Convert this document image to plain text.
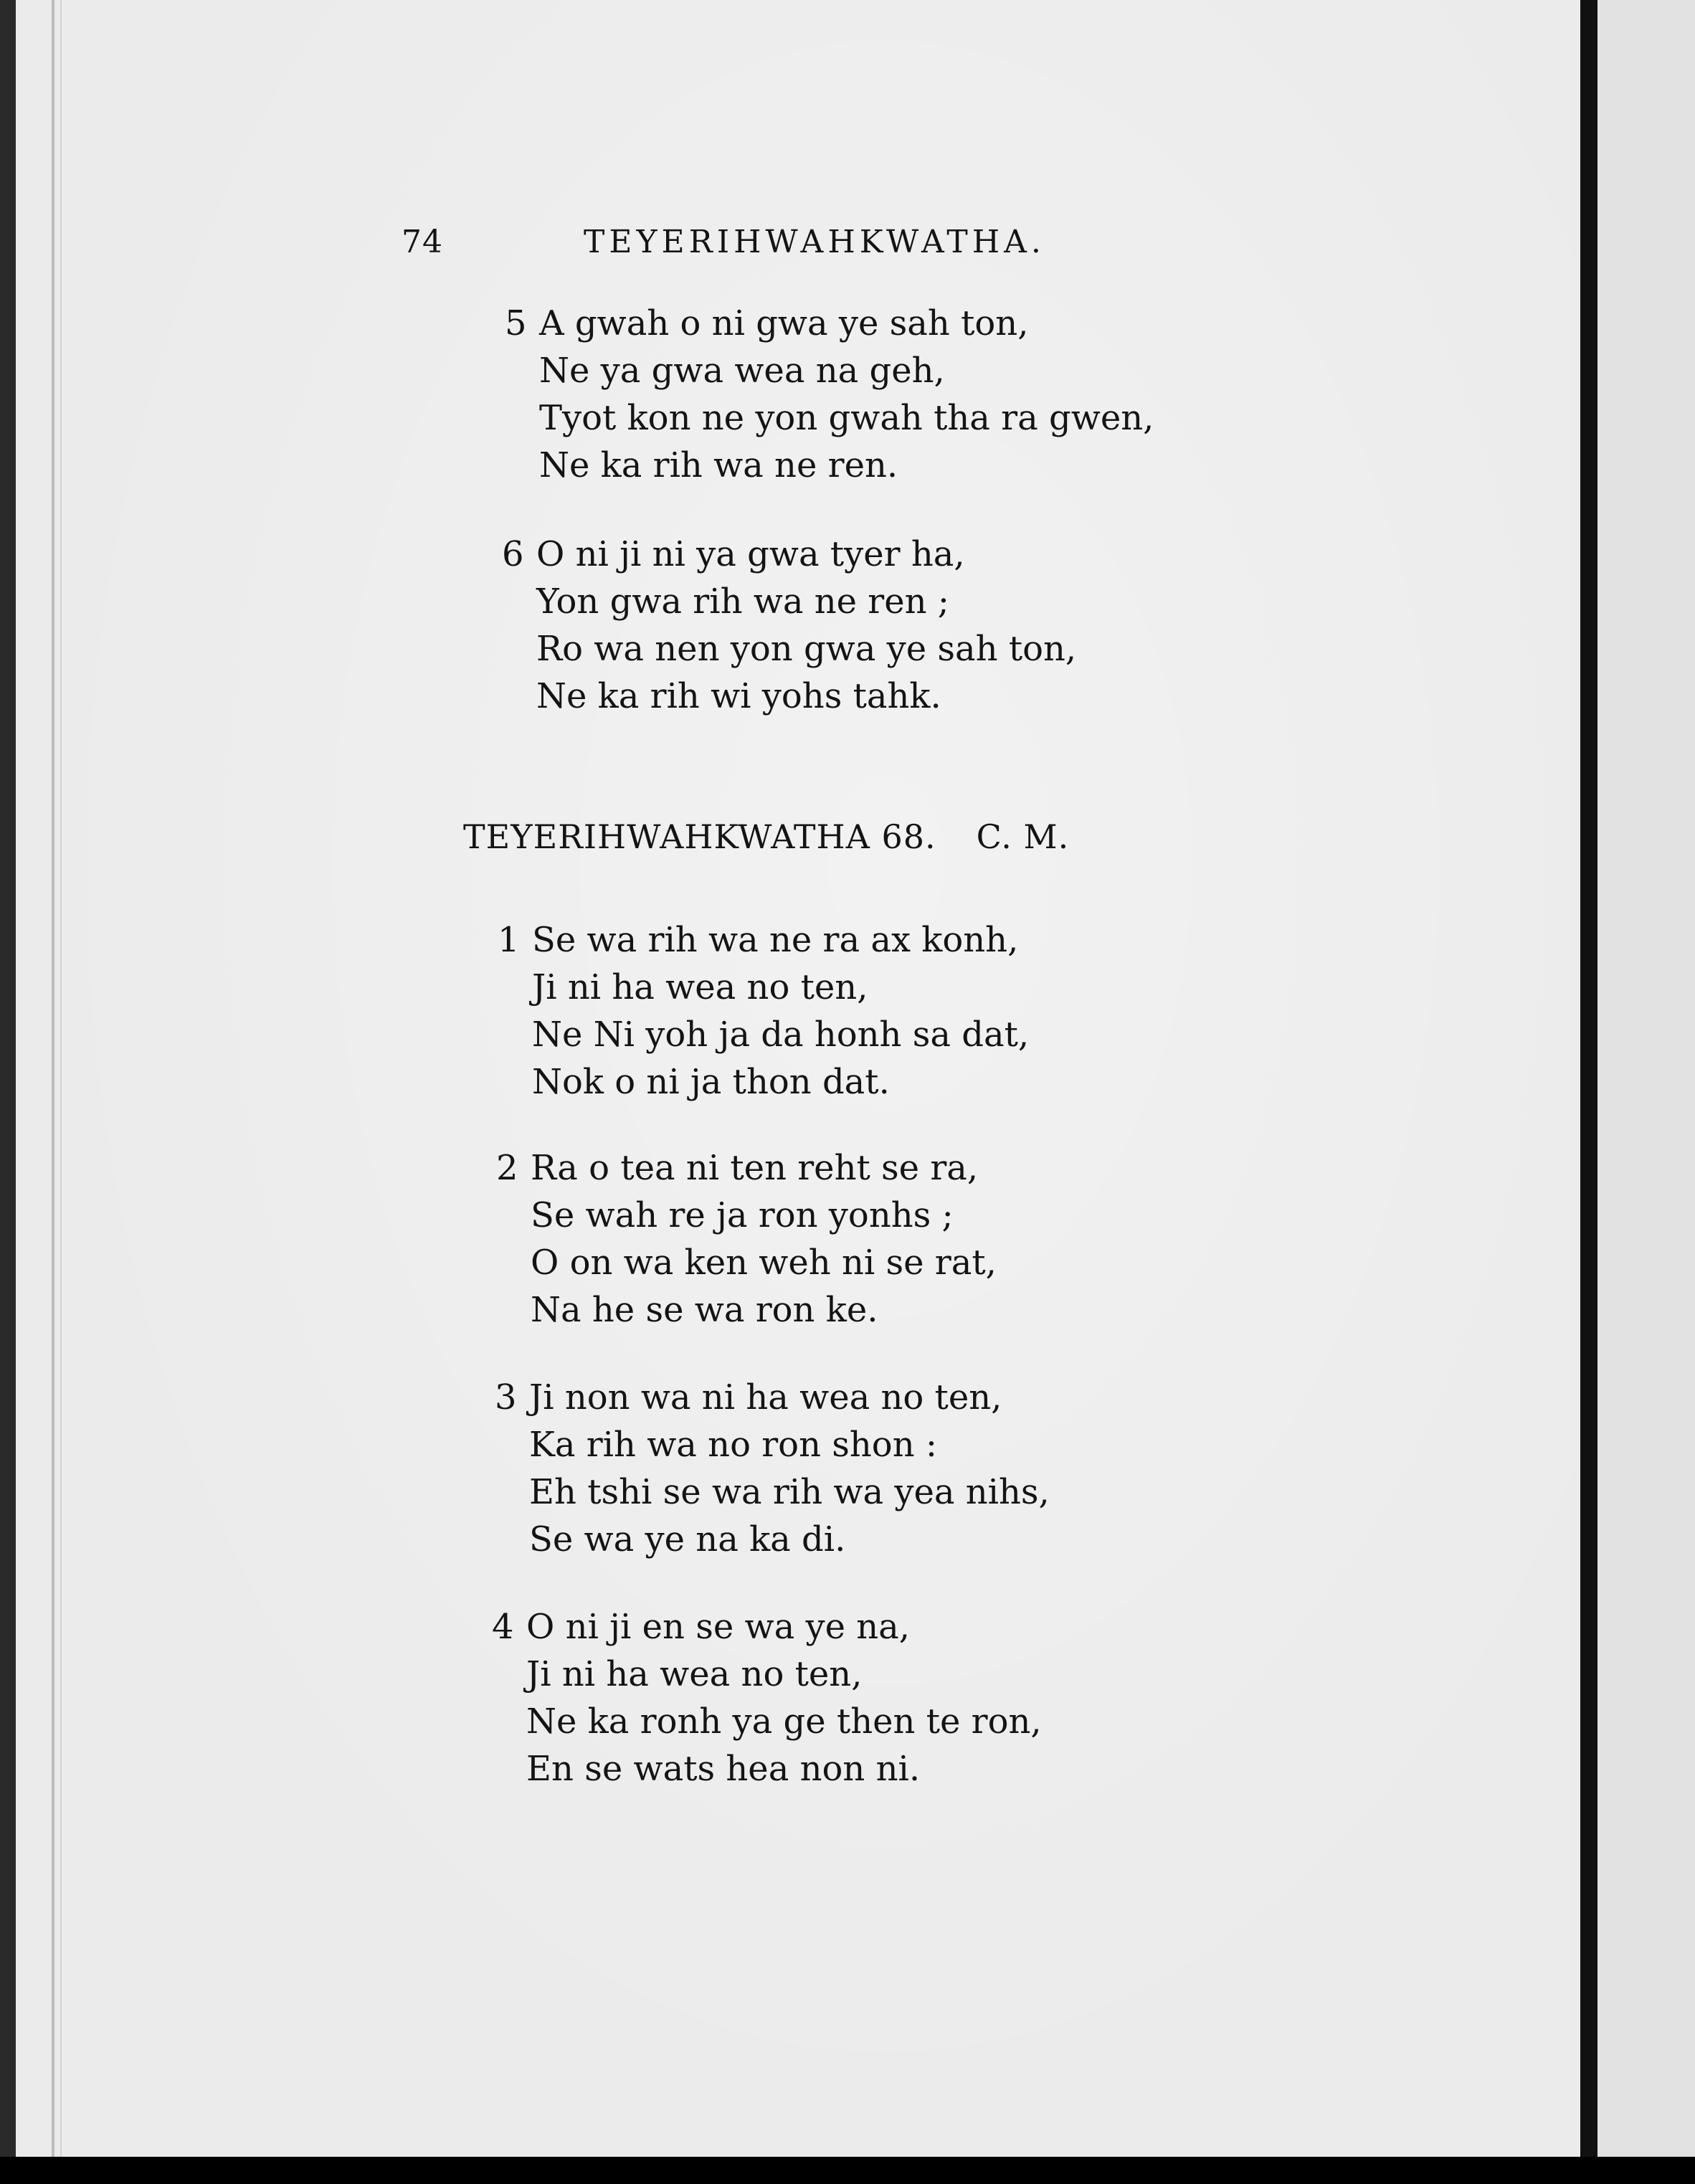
74	TEYERIHWAHKWATHA.
5 A gwah o ni gwa ye sah ton,
Ne ya gwa wea na geh,
Tyot kon ne yon gwah tha ra gwen,
Ne ka rih wa ne ren.
6 O ni ji ni ya gwa tyer ha,
Yon gwa rih wa ne ren ;
Ro wa nen yon gwa ye sah ton,
Ne ka rih wi yohs tahk.
TEYERIHWAHKWATHA 68. C. M.
1 Se wa rih wa ne ra ax konh,
Ji ni ha wea no ten,
Ne Ni yoh ja da honh sa dat,
Nok o ni ja thon dat.
2 Ra o tea ni ten reht se ra,
Se wah re ja ron yonhs ;
O on wa ken weh ni se rat,
Na he se wa ron ke.
3 Ji non wa ni ha wea no ten,
Ka rih wa no ron shon :
Eh tshi se wa rih wa yea nihs,
Se wa ye na ka di.
4 O ni ji en se wa ye na,
Ji ni ha wea no ten,
Ne ka ronh ya ge then te ron,
En se wats hea non ni.
